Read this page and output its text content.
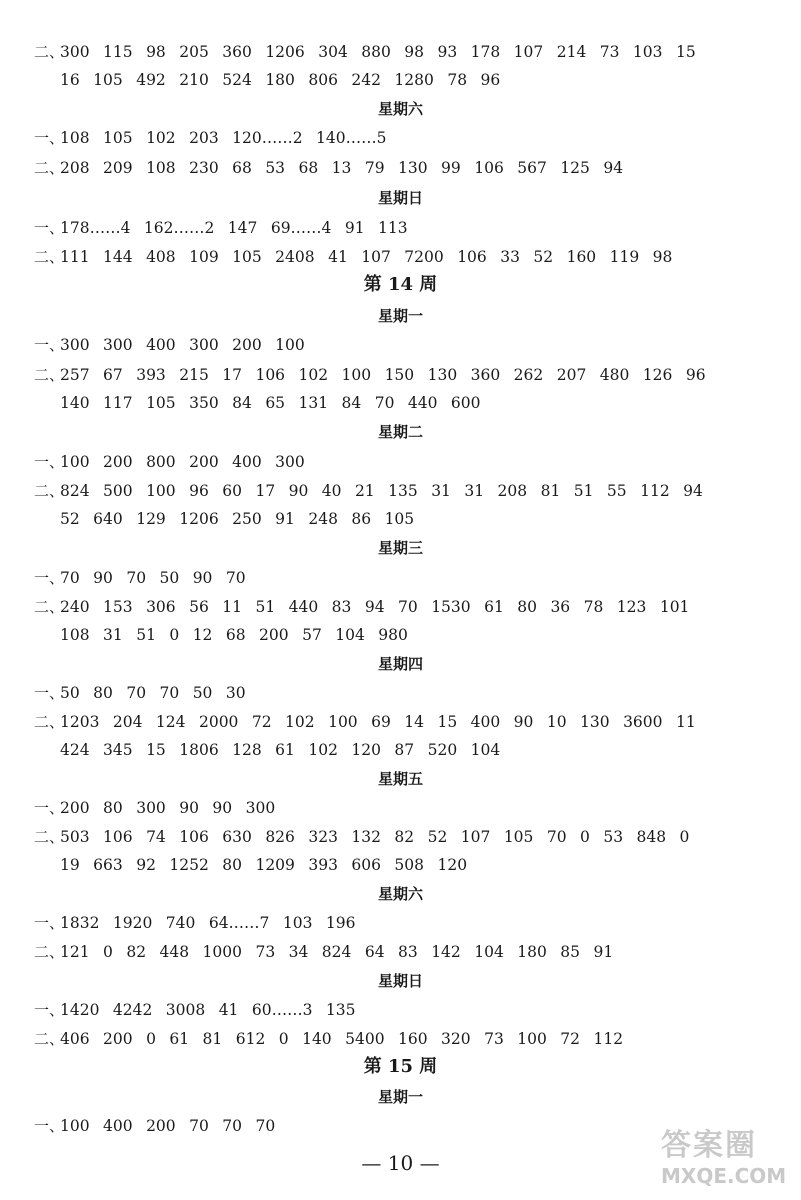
二、300 115 98 205 360 1206 304 880 98 93 178 107 214 73 103 15
16 105 492 210 524 180 806 242 1280 78 96
星期六
一、108 105 102 203 120……2 140……5
二、208 209 108 230 68 53 68 13 79 130 99 106 567 125 94
星期日
一、178……4 162……2 147 69……4 91 113
二、111 144 408 109 105 2408 41 107 7200 106 33 52 160 119 98
第 14 周
星期一
一、300 300 400 300 200 100
二、257 67 393 215 17 106 102 100 150 130 360 262 207 480 126 96
140 117 105 350 84 65 131 84 70 440 600
星期二
一、100 200 800 200 400 300
二、824 500 100 96 60 17 90 40 21 135 31 31 208 81 51 55 112 94
52 640 129 1206 250 91 248 86 105
星期三
一、70 90 70 50 90 70
二、240 153 306 56 11 51 440 83 94 70 1530 61 80 36 78 123 101
108 31 51 0 12 68 200 57 104 980
星期四
一、50 80 70 70 50 30
二、1203 204 124 2000 72 102 100 69 14 15 400 90 10 130 3600 11
424 345 15 1806 128 61 102 120 87 520 104
星期五
一、200 80 300 90 90 300
二、503 106 74 106 630 826 323 132 82 52 107 105 70 0 53 848 0
19 663 92 1252 80 1209 393 606 508 120
星期六
一、1832 1920 740 64……7 103 196
二、121 0 82 448 1000 73 34 824 64 83 142 104 180 85 91
星期日
一、1420 4242 3008 41 60……3 135
二、406 200 0 61 81 612 0 140 5400 160 320 73 100 72 112
第 15 周
星期一
一、100 400 200 70 70 70
— 10 —	答案圈
MXQE.COM
